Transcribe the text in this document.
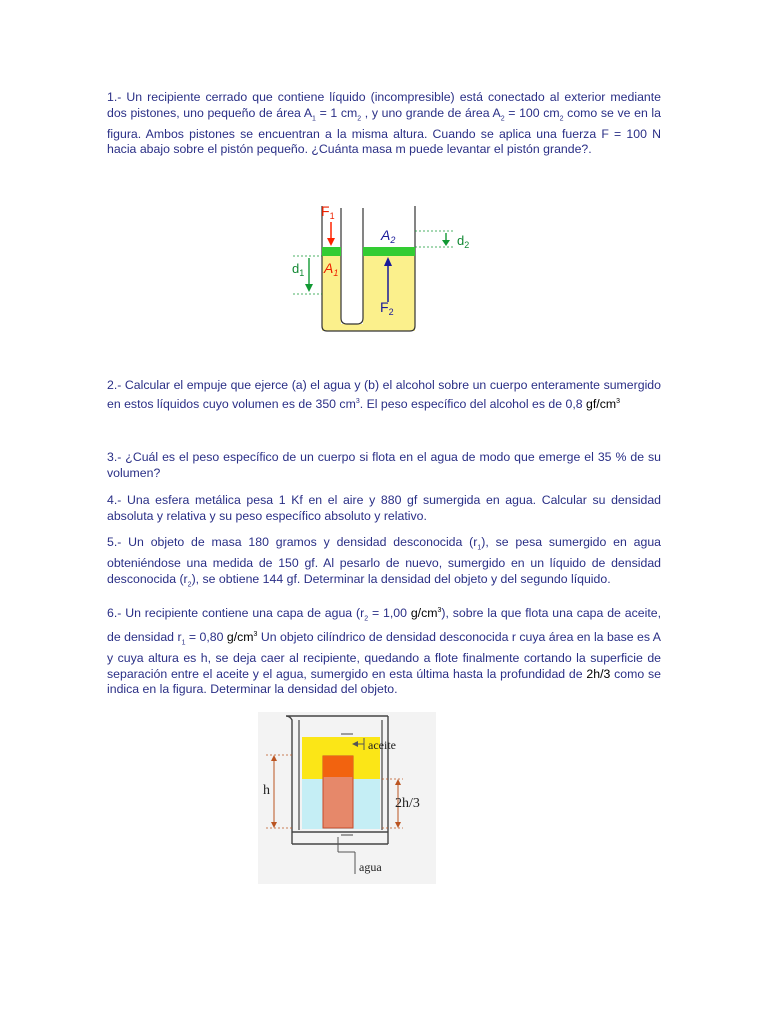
1.- Un recipiente cerrado que contiene líquido (incompresible) está conectado al exterior mediante dos pistones, uno pequeño de área $A_1 = 1$ $cm_2$ , y uno grande de área $A_2 = 100$ $cm_2$ como se ve en la figura. Ambos pistones se encuentran a la misma altura. Cuando se aplica una fuerza F = 100 N hacia abajo sobre el pistón pequeño. ¿Cuánta masa m puede levantar el pistón grande?.

$F_1$
$A_2$	$d_2$
$d_1$ $A_1$
$F_2$

2.- Calcular el empuje que ejerce (a) el agua y (b) el alcohol sobre un cuerpo enteramente sumergido en estos líquidos cuyo volumen es de 350 $cm^3$. El peso específico del alcohol es de 0,8 $gf/cm^3$

3.- ¿Cuál es el peso específico de un cuerpo si flota en el agua de modo que emerge el 35 % de su volumen?

4.- Una esfera metálica pesa 1 Kf en el aire y 880 gf sumergida en agua. Calcular su densidad absoluta y relativa y su peso específico absoluto y relativo.

5.- Un objeto de masa 180 gramos y densidad desconocida $(r_1)$, se pesa sumergido en agua obteniéndose una medida de 150 gf. Al pesarlo de nuevo, sumergido en un líquido de densidad desconocida $(r_2)$, se obtiene 144 gf. Determinar la densidad del objeto y del segundo líquido.

6.- Un recipiente contiene una capa de agua ($r_2 = 1,00$ $g/cm^3$), sobre la que flota una capa de aceite, de densidad $r_1 = 0,80$ $g/cm^3$ Un objeto cilíndrico de densidad desconocida r cuya área en la base es A y cuya altura es h, se deja caer al recipiente, quedando a flote finalmente cortando la superficie de separación entre el aceite y el agua, sumergido en esta última hasta la profundidad de 2h/3 como se indica en la figura. Determinar la densidad del objeto.

aceite
agua
h
2h/3
